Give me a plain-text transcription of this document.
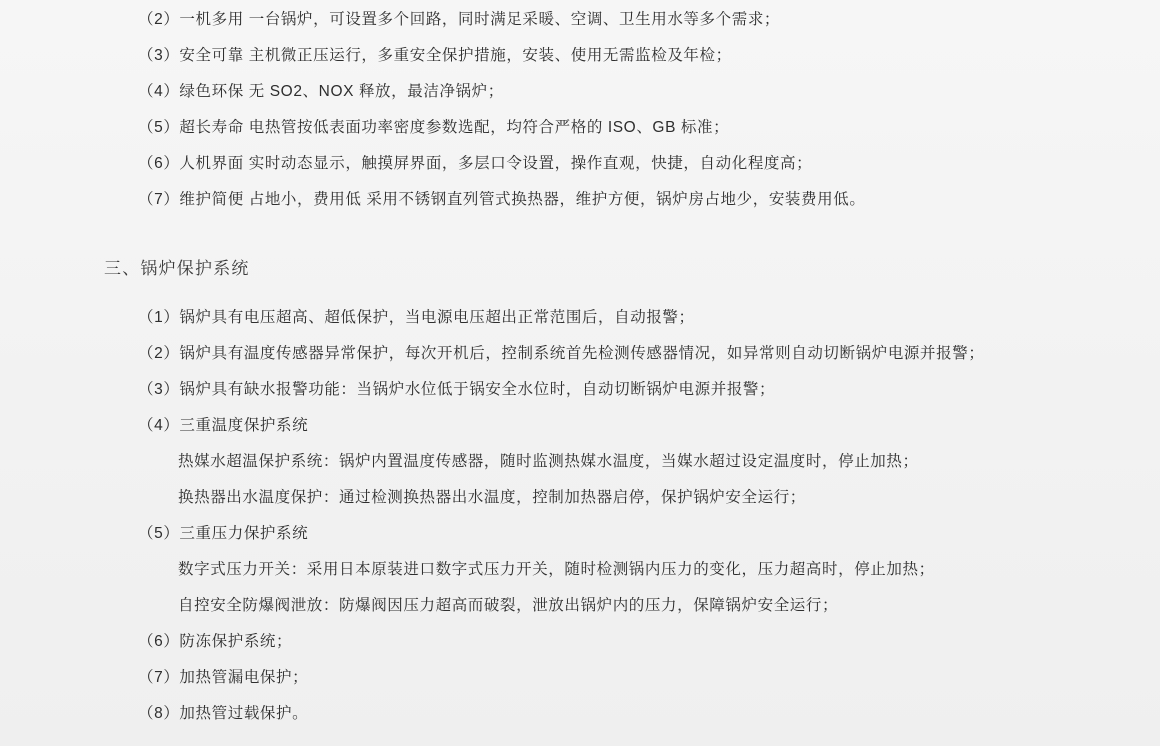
（2）一机多用 一台锅炉，可设置多个回路，同时满足采暖、空调、卫生用水等多个需求；
（3）安全可靠 主机微正压运行，多重安全保护措施，安装、使用无需监检及年检；
（4）绿色环保 无 SO2、NOX 释放，最洁净锅炉；
（5）超长寿命 电热管按低表面功率密度参数选配，均符合严格的 ISO、GB 标准；
（6）人机界面 实时动态显示，触摸屏界面，多层口令设置，操作直观，快捷，自动化程度高；
（7）维护简便 占地小，费用低 采用不锈钢直列管式换热器，维护方便，锅炉房占地少，安装费用低。
三、锅炉保护系统
（1）锅炉具有电压超高、超低保护，当电源电压超出正常范围后，自动报警；
（2）锅炉具有温度传感器异常保护，每次开机后，控制系统首先检测传感器情况，如异常则自动切断锅炉电源并报警；
（3）锅炉具有缺水报警功能：当锅炉水位低于锅安全水位时，自动切断锅炉电源并报警；
（4）三重温度保护系统
热媒水超温保护系统：锅炉内置温度传感器，随时监测热媒水温度，当媒水超过设定温度时，停止加热；
换热器出水温度保护：通过检测换热器出水温度，控制加热器启停，保护锅炉安全运行；
（5）三重压力保护系统
数字式压力开关：采用日本原装进口数字式压力开关，随时检测锅内压力的变化，压力超高时，停止加热；
自控安全防爆阀泄放：防爆阀因压力超高而破裂，泄放出锅炉内的压力，保障锅炉安全运行；
（6）防冻保护系统；
（7）加热管漏电保护；
（8）加热管过载保护。
